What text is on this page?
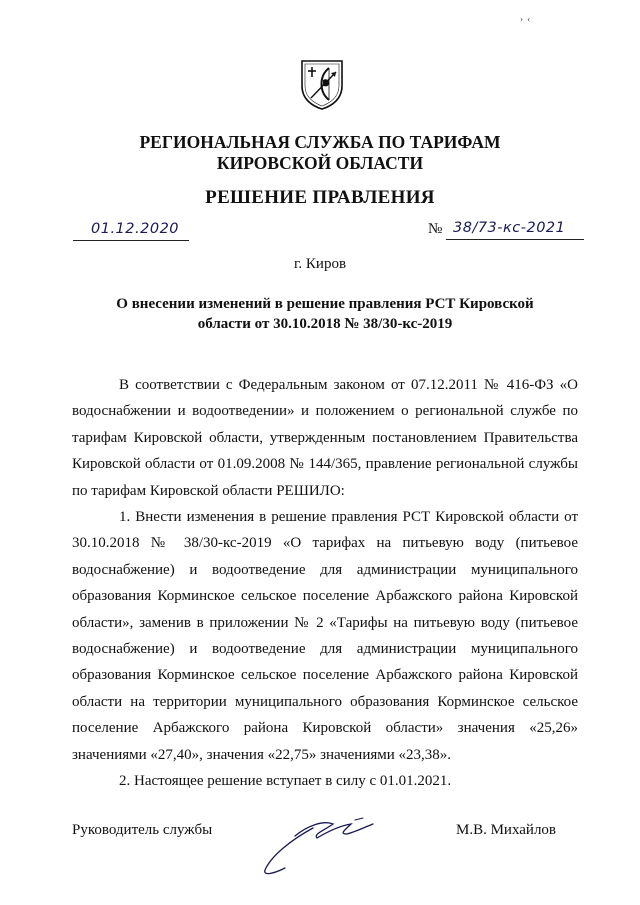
› ‹
РЕГИОНАЛЬНАЯ СЛУЖБА ПО ТАРИФАМ
КИРОВСКОЙ ОБЛАСТИ
РЕШЕНИЕ ПРАВЛЕНИЯ
01.12.2020	№ 38/73-кс-2021
г. Киров
О внесении изменений в решение правления РСТ Кировской
области от 30.10.2018 № 38/30-кс-2019

В соответствии с Федеральным законом от 07.12.2011 № 416-ФЗ «О водоснабжении и водоотведении» и положением о региональной службе по тарифам Кировской области, утвержденным постановлением Правительства Кировской области от 01.09.2008 № 144/365, правление региональной службы по тарифам Кировской области РЕШИЛО:

1. Внести изменения в решение правления РСТ Кировской области от 30.10.2018 № 38/30-кс-2019 «О тарифах на питьевую воду (питьевое водоснабжение) и водоотведение для администрации муниципального образования Корминское сельское поселение Арбажского района Кировской области», заменив в приложении № 2 «Тарифы на питьевую воду (питьевое водоснабжение) и водоотведение для администрации муниципального образования Корминское сельское поселение Арбажского района Кировской области на территории муниципального образования Корминское сельское поселение Арбажского района Кировской области» значения «25,26» значениями «27,40», значения «22,75» значениями «23,38».

2. Настоящее решение вступает в силу с 01.01.2021.

Руководитель службы	М.В. Михайлов
